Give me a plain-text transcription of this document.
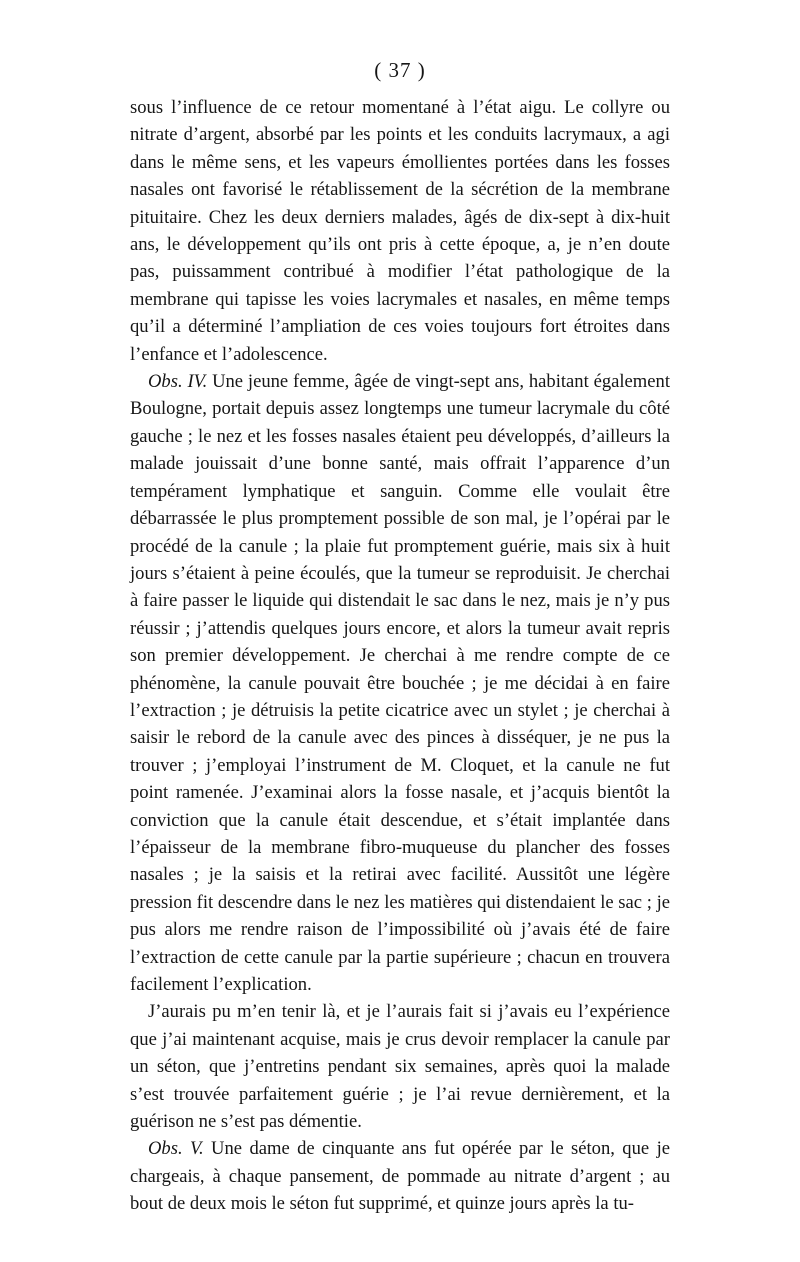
( 37 )

sous l’influence de ce retour momentané à l’état aigu. Le collyre ou nitrate d’argent, absorbé par les points et les conduits lacrymaux, a agi dans le même sens, et les vapeurs émollientes portées dans les fosses nasales ont favorisé le rétablissement de la sécrétion de la membrane pituitaire. Chez les deux derniers malades, âgés de dix-sept à dix-huit ans, le développement qu’ils ont pris à cette époque, a, je n’en doute pas, puissamment contribué à modifier l’état pathologique de la membrane qui tapisse les voies lacrymales et nasales, en même temps qu’il a déterminé l’ampliation de ces voies toujours fort étroites dans l’enfance et l’adolescence.

Obs. IV. Une jeune femme, âgée de vingt-sept ans, habitant également Boulogne, portait depuis assez longtemps une tumeur lacrymale du côté gauche ; le nez et les fosses nasales étaient peu développés, d’ailleurs la malade jouissait d’une bonne santé, mais offrait l’apparence d’un tempérament lymphatique et sanguin. Comme elle voulait être débarrassée le plus promptement possible de son mal, je l’opérai par le procédé de la canule ; la plaie fut promptement guérie, mais six à huit jours s’étaient à peine écoulés, que la tumeur se reproduisit. Je cherchai à faire passer le liquide qui distendait le sac dans le nez, mais je n’y pus réussir ; j’attendis quelques jours encore, et alors la tumeur avait repris son premier développement. Je cherchai à me rendre compte de ce phénomène, la canule pouvait être bouchée ; je me décidai à en faire l’extraction ; je détruisis la petite cicatrice avec un stylet ; je cherchai à saisir le rebord de la canule avec des pinces à disséquer, je ne pus la trouver ; j’employai l’instrument de M. Cloquet, et la canule ne fut point ramenée. J’examinai alors la fosse nasale, et j’acquis bientôt la conviction que la canule était descendue, et s’était implantée dans l’épaisseur de la membrane fibro-muqueuse du plancher des fosses nasales ; je la saisis et la retirai avec facilité. Aussitôt une légère pression fit descendre dans le nez les matières qui distendaient le sac ; je pus alors me rendre raison de l’impossibilité où j’avais été de faire l’extraction de cette canule par la partie supérieure ; chacun en trouvera facilement l’explication.

J’aurais pu m’en tenir là, et je l’aurais fait si j’avais eu l’expérience que j’ai maintenant acquise, mais je crus devoir remplacer la canule par un séton, que j’entretins pendant six semaines, après quoi la malade s’est trouvée parfaitement guérie ; je l’ai revue dernièrement, et la guérison ne s’est pas démentie.

Obs. V. Une dame de cinquante ans fut opérée par le séton, que je chargeais, à chaque pansement, de pommade au nitrate d’argent ; au bout de deux mois le séton fut supprimé, et quinze jours après la tu-
